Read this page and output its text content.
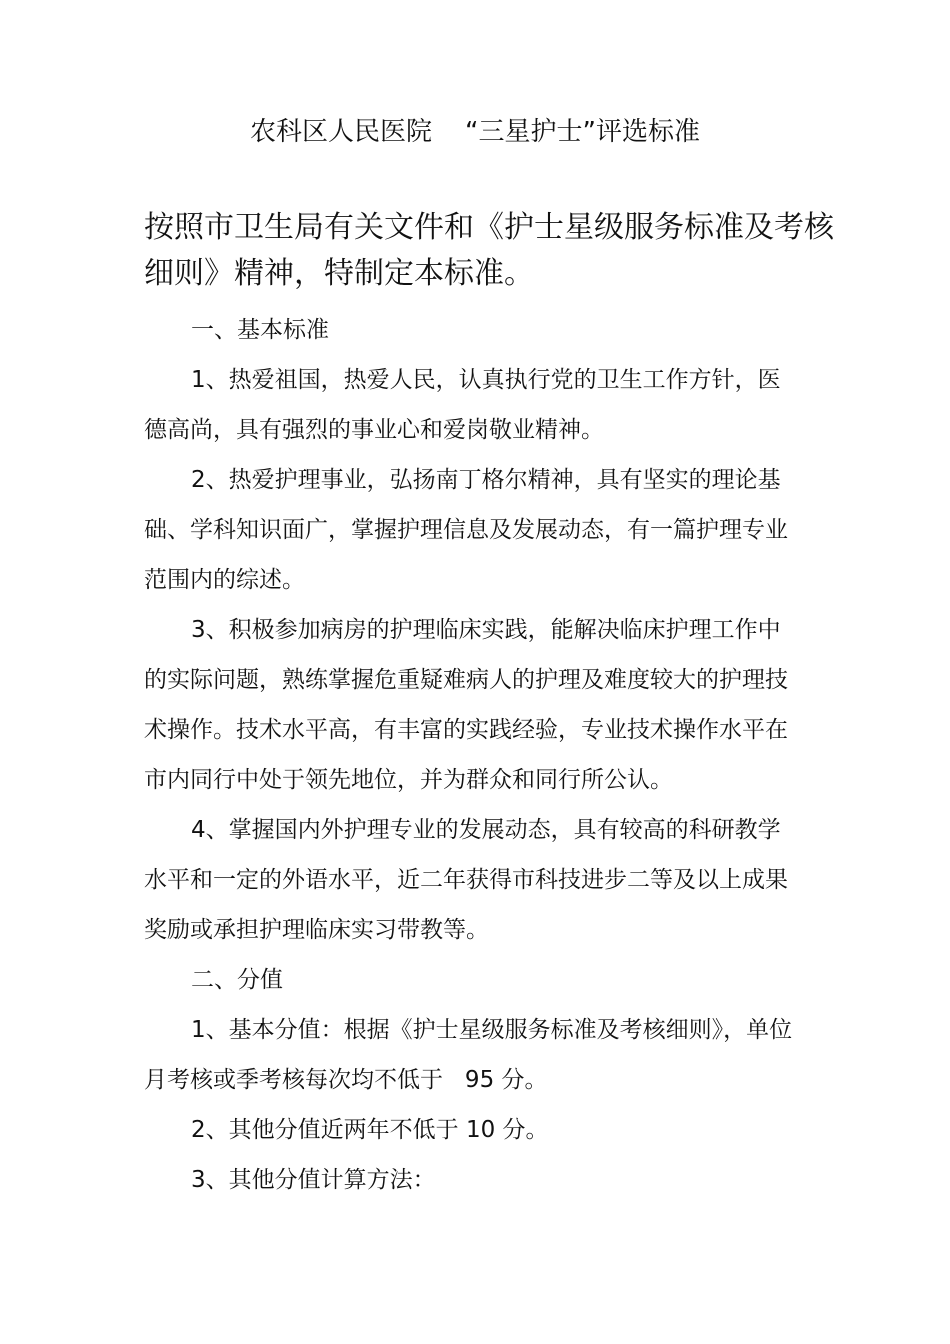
农科区人民医院    “三星护士”评选标准
按照市卫生局有关文件和《护士星级服务标准及考核
细则》精神，特制定本标准。
一、基本标准
1、热爱祖国，热爱人民，认真执行党的卫生工作方针，医
德高尚，具有强烈的事业心和爱岗敬业精神。
2、热爱护理事业，弘扬南丁格尔精神，具有坚实的理论基
础、学科知识面广，掌握护理信息及发展动态，有一篇护理专业
范围内的综述。
3、积极参加病房的护理临床实践，能解决临床护理工作中
的实际问题，熟练掌握危重疑难病人的护理及难度较大的护理技
术操作。技术水平高，有丰富的实践经验，专业技术操作水平在
市内同行中处于领先地位，并为群众和同行所公认。
4、掌握国内外护理专业的发展动态，具有较高的科研教学
水平和一定的外语水平，近二年获得市科技进步二等及以上成果
奖励或承担护理临床实习带教等。
二、分值
1、基本分值：根据《护士星级服务标准及考核细则》，单位
月考核或季考核每次均不低于   95 分。
2、其他分值近两年不低于 10 分。
3、其他分值计算方法：
